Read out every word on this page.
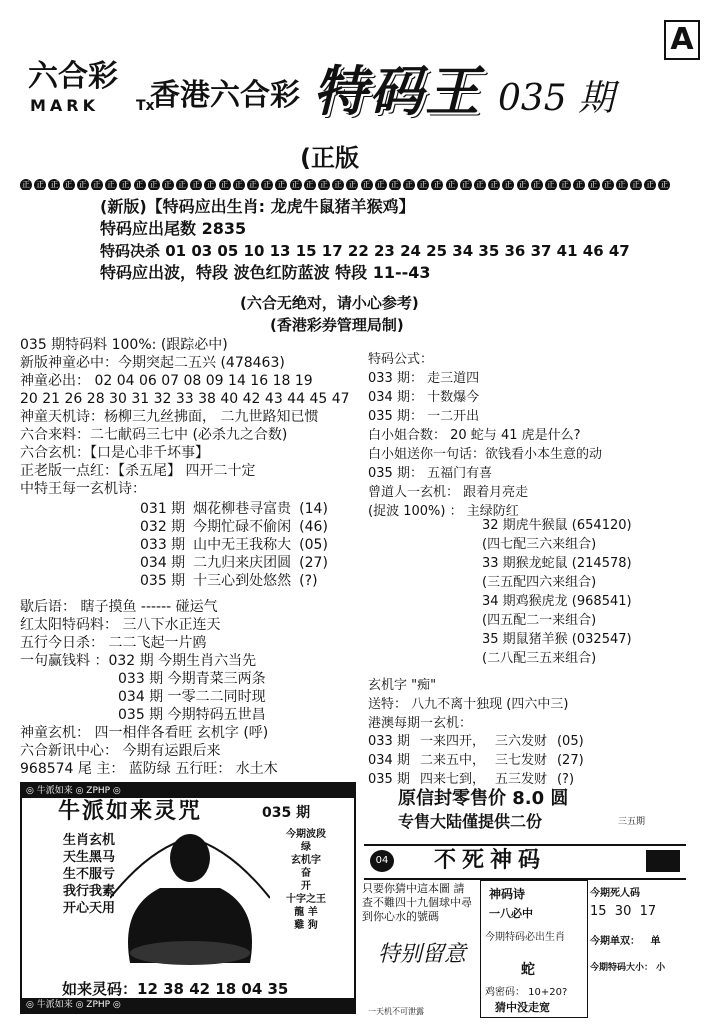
A
六合彩
MARK	Tx
香港六合彩 特码王 035 期
(正版
正 正 正 正 正 正 正 正 正 正 正 正 正 正 正 正 正 正 正 正 正 正 正 正 正 正 正 正 正 正 正 正 正 正 正 正 正 正 正 正 正 正 正 正 正 正
(新版)【特码应出生肖: 龙虎牛鼠猪羊猴鸡】
特码应出尾数 2835
特码决杀 01 03 05 10 13 15 17 22 23 24 25 34 35 36 37 41 46 47
特码应出波，特段 波色红防蓝波 特段 11--43
(六合无绝对，请小心参考)
(香港彩券管理局制)
035 期特码料 100%: (跟踪必中)
新版神童必中：今期突起二五兴 (478463)
神童必出： 02 04 06 07 08 09 14 16 18 19
20 21 26 28 30 31 32 33 38 40 42 43 44 45 47
神童天机诗：杨柳三九丝拂面， 二九世路知已惯
六合来料：二七献码三七中 (必杀九之合数)
六合玄机：【口是心非千坏事】
正老版一点红：【杀五尾】 四开二十定
中特王每一玄机诗：
031 期 烟花柳巷寻富贵 (14)
032 期 今期忙碌不偷闲 (46)
033 期 山中无王我称大 (05)
034 期 二九归来庆团圆 (27)
035 期 十三心到处悠然 (?)
特码公式：
033 期： 走三道四
034 期： 十数爆今
035 期： 一二开出
白小姐合数： 20 蛇与 41 虎是什么?
白小姐送你一句话：欲钱看小本生意的动
035 期： 五福门有喜
曾道人一玄机： 跟着月亮走
(捉波 100%) ： 主绿防红
32 期虎牛猴鼠 (654120)
(四七配三六来组合)
33 期猴龙蛇鼠 (214578)
(三五配四六来组合)
34 期鸡猴虎龙 (968541)
(四五配二一来组合)
35 期鼠猪羊猴 (032547)
(二八配三五来组合)
歇后语： 瞎子摸鱼 ------ 碰运气
红太阳特码料： 三八下水正连天
五行今日杀： 二二飞起一片鸥
一句赢钱料 ：032 期 今期生肖六当先
033 期 今期青菜三两条
034 期 一零二二同时现
035 期 今期特码五世昌
神童玄机： 四一相伴各看旺 玄机字 (呼)
六合新讯中心： 今期有运跟后来
968574 尾 主： 蓝防绿 五行旺： 水土木
玄机字 "痴"
送特： 八九不离十独现 (四六中三)
港澳每期一玄机：
033 期 一来四开， 三六发财 (05)
034 期 二来五中， 三七发财 (27)
035 期 四来七到， 五三发财 (?)
◎ 牛派如来 ◎ ZPHP ◎
牛派如来灵咒	035 期
生肖玄机
天生黑马
生不服亏
我行我素
开心天用
今期波段
绿
玄机字
奋
开
十字之王
龍 羊
雞 狗
如来灵码：12 38 42 18 04 35
◎ 牛派如来 ◎ ZPHP ◎
原信封零售价 8.0 圆
专售大陆僅提供二份	三五期
04 不死神码
只要你猜中這本圖 請查不難四十九個球中尋到你心水的號碼
特别留意
神码诗
一八必中
今期特码必出生肖
蛇
鸡密码： 10+20?
猜中没走宽
今期死人码
15  30  17
今期单双：   单
今期特码大小： 小
一天机不可泄露
